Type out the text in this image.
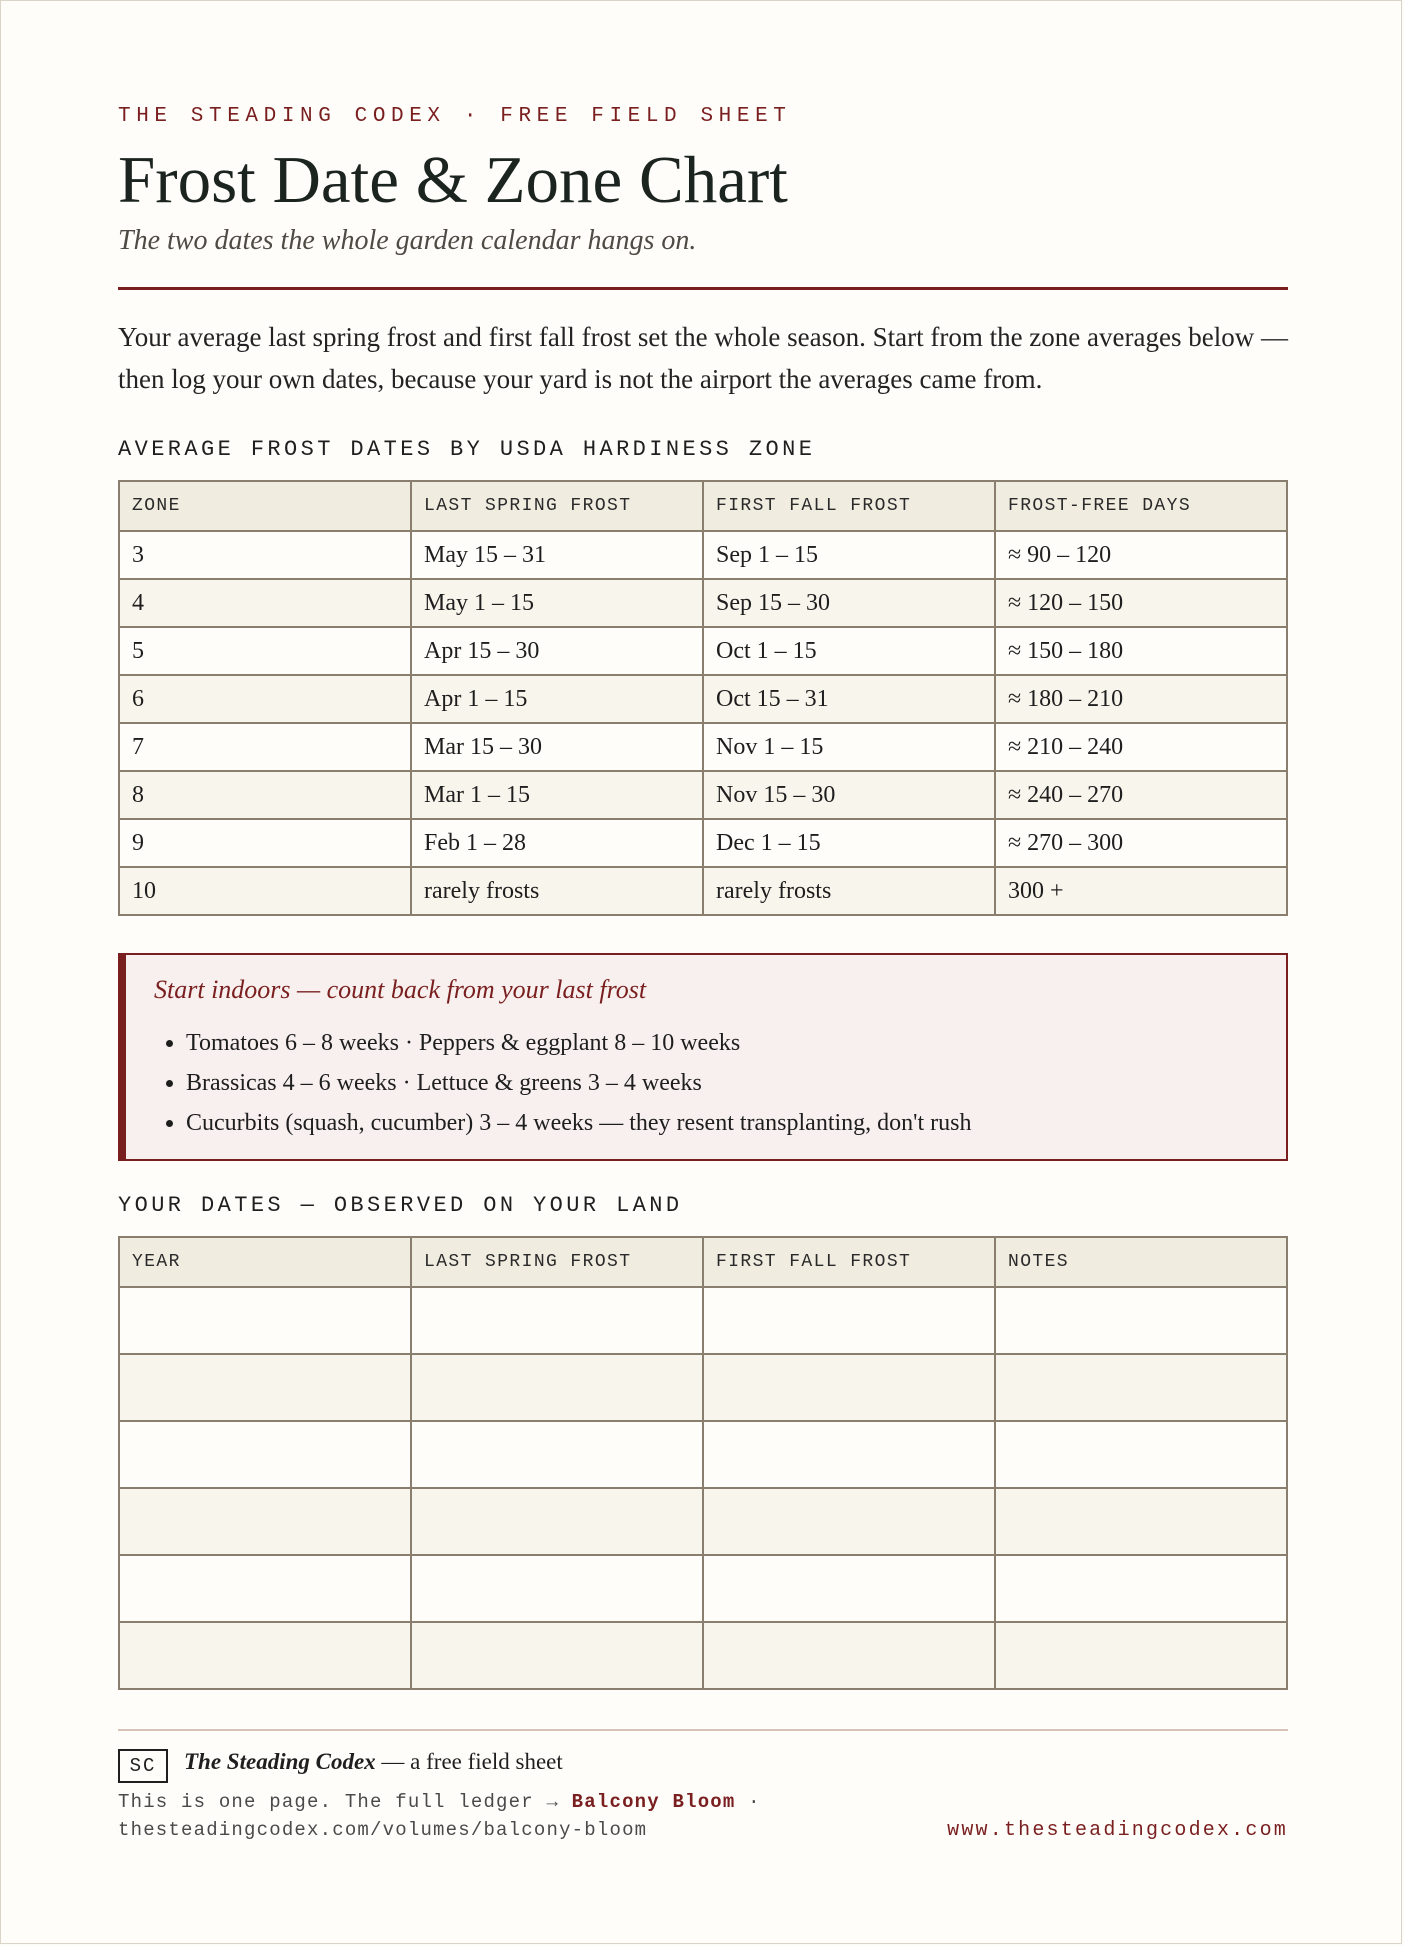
THE STEADING CODEX · FREE FIELD SHEET
Frost Date & Zone Chart
The two dates the whole garden calendar hangs on.

Your average last spring frost and first fall frost set the whole season. Start from the zone averages below — then log your own dates, because your yard is not the airport the averages came from.

AVERAGE FROST DATES BY USDA HARDINESS ZONE
ZONE	LAST SPRING FROST	FIRST FALL FROST	FROST-FREE DAYS
3	May 15 – 31	Sep 1 – 15	≈ 90 – 120
4	May 1 – 15	Sep 15 – 30	≈ 120 – 150
5	Apr 15 – 30	Oct 1 – 15	≈ 150 – 180
6	Apr 1 – 15	Oct 15 – 31	≈ 180 – 210
7	Mar 15 – 30	Nov 1 – 15	≈ 210 – 240
8	Mar 1 – 15	Nov 15 – 30	≈ 240 – 270
9	Feb 1 – 28	Dec 1 – 15	≈ 270 – 300
10	rarely frosts	rarely frosts	300 +
Start indoors — count back from your last frost
• Tomatoes 6 – 8 weeks · Peppers & eggplant 8 – 10 weeks
• Brassicas 4 – 6 weeks · Lettuce & greens 3 – 4 weeks
• Cucurbits (squash, cucumber) 3 – 4 weeks — they resent transplanting, don't rush
YOUR DATES — OBSERVED ON YOUR LAND
YEAR	LAST SPRING FROST	FIRST FALL FROST	NOTES

SC	The Steading Codex — a free field sheet
This is one page. The full ledger → Balcony Bloom ·
thesteadingcodex.com/volumes/balcony-bloom	www.thesteadingcodex.com
